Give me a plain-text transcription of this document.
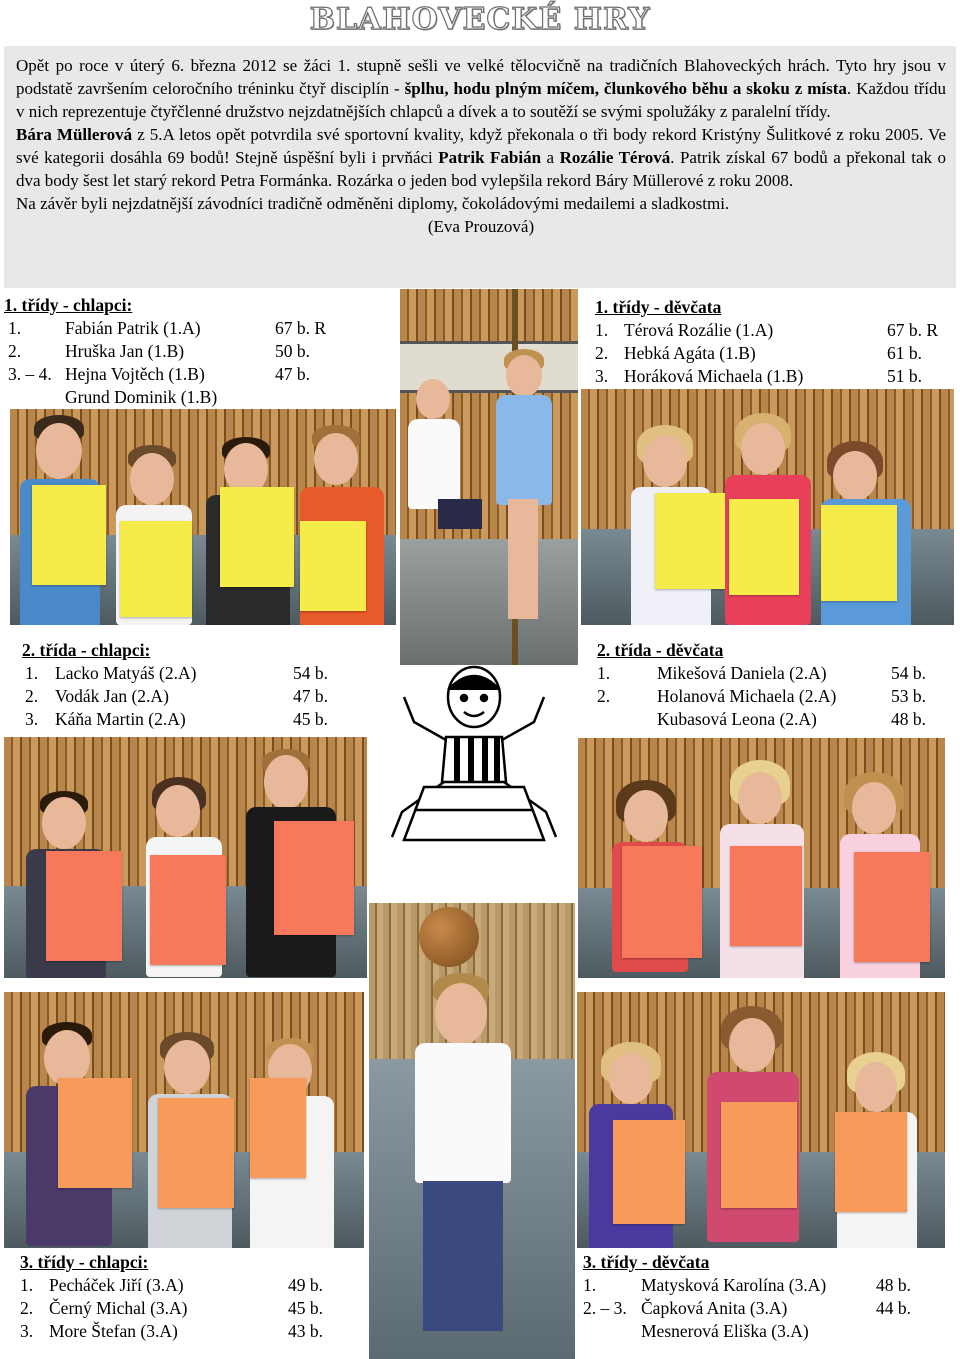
BLAHOVECKÉ HRY

Opět po roce v úterý 6. března 2012 se žáci 1. stupně sešli ve velké tělocvičně na tradičních Blahoveckých hrách. Tyto hry jsou v podstatě završením celoročního tréninku čtyř disciplín - šplhu, hodu plným míčem, člunkového běhu a skoku z místa. Každou třídu v nich reprezentuje čtyřčlenné družstvo nejzdatnějších chlapců a dívek a to soutěží se svými spolužáky z paralelní třídy.

Bára Müllerová z 5.A letos opět potvrdila své sportovní kvality, když překonala o tři body rekord Kristýny Šulitkové z roku 2005. Ve své kategorii dosáhla 69 bodů! Stejně úspěšní byli i prvňáci Patrik Fabián a Rozálie Térová. Patrik získal 67 bodů a překonal tak o dva body šest let starý rekord Petra Formánka. Rozárka o jeden bod vylepšila rekord Báry Müllerové z roku 2008.

Na závěr byli nejzdatnější závodníci tradičně odměněni diplomy, čokoládovými medailemi a sladkostmi.

(Eva Prouzová)

1. třídy - chlapci:
1.	Fabián Patrik (1.A)	67 b. R
2.	Hruška Jan (1.B)	50 b.
3. – 4. Hejna Vojtěch (1.B)	47 b.
Grund Dominik (1.B)
1. třídy - děvčata
1. Térová Rozálie (1.A)	67 b. R
2. Hebká Agáta (1.B)	61 b.
3. Horáková Michaela (1.B)	51 b.
2. třída - chlapci:
1. Lacko Matyáš (2.A)	54 b.
2. Vodák Jan (2.A)	47 b.
3. Káňa Martin (2.A)	45 b.
2. třída - děvčata
1.	Mikešová Daniela (2.A)	54 b.
2.	Holanová Michaela (2.A)	53 b.
Kubasová Leona (2.A)	48 b.
3. třídy - chlapci:
1. Pecháček Jiří (3.A)	49 b.
2. Černý Michal (3.A)	45 b.
3. More Štefan (3.A)	43 b.
3. třídy - děvčata
1.	Matysková Karolína (3.A)	48 b.
2. – 3. Čapková Anita (3.A)	44 b.
Mesnerová Eliška (3.A)
